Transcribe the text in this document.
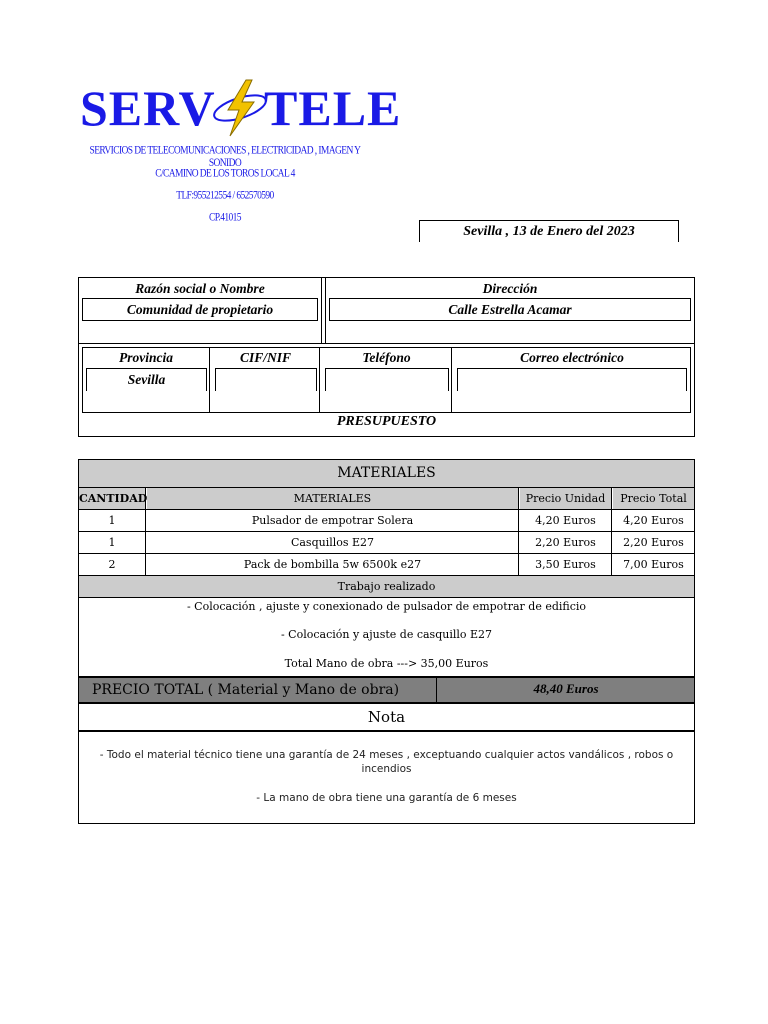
SERV TELE
SERVICIOS DE TELECOMUNICACIONES , ELECTRICIDAD , IMAGEN Y SONIDO
C/CAMINO DE LOS TOROS LOCAL 4
TLF:955212554 / 652570590
CP.41015
Sevilla , 13 de Enero del 2023
Razón social o Nombre
Comunidad de propietario
Dirección
Calle Estrella Acamar
Provincia
Sevilla
CIF/NIF	Teléfono	Correo electrónico
PRESUPUESTO
MATERIALES
CANTIDAD	MATERIALES	Precio Unidad	Precio Total
1	Pulsador de empotrar Solera	4,20 Euros	4,20 Euros
1	Casquillos E27	2,20 Euros	2,20 Euros
2	Pack de bombilla 5w 6500k e27	3,50 Euros	7,00 Euros
Trabajo realizado
- Colocación , ajuste y conexionado de pulsador de empotrar de edificio
- Colocación y ajuste de casquillo E27
Total Mano de obra ---> 35,00 Euros
PRECIO TOTAL ( Material y Mano de obra)	48,40 Euros
Nota
- Todo el material técnico tiene una garantía de 24 meses , exceptuando cualquier actos vandálicos , robos o incendios
- La mano de obra tiene una garantía de 6 meses
